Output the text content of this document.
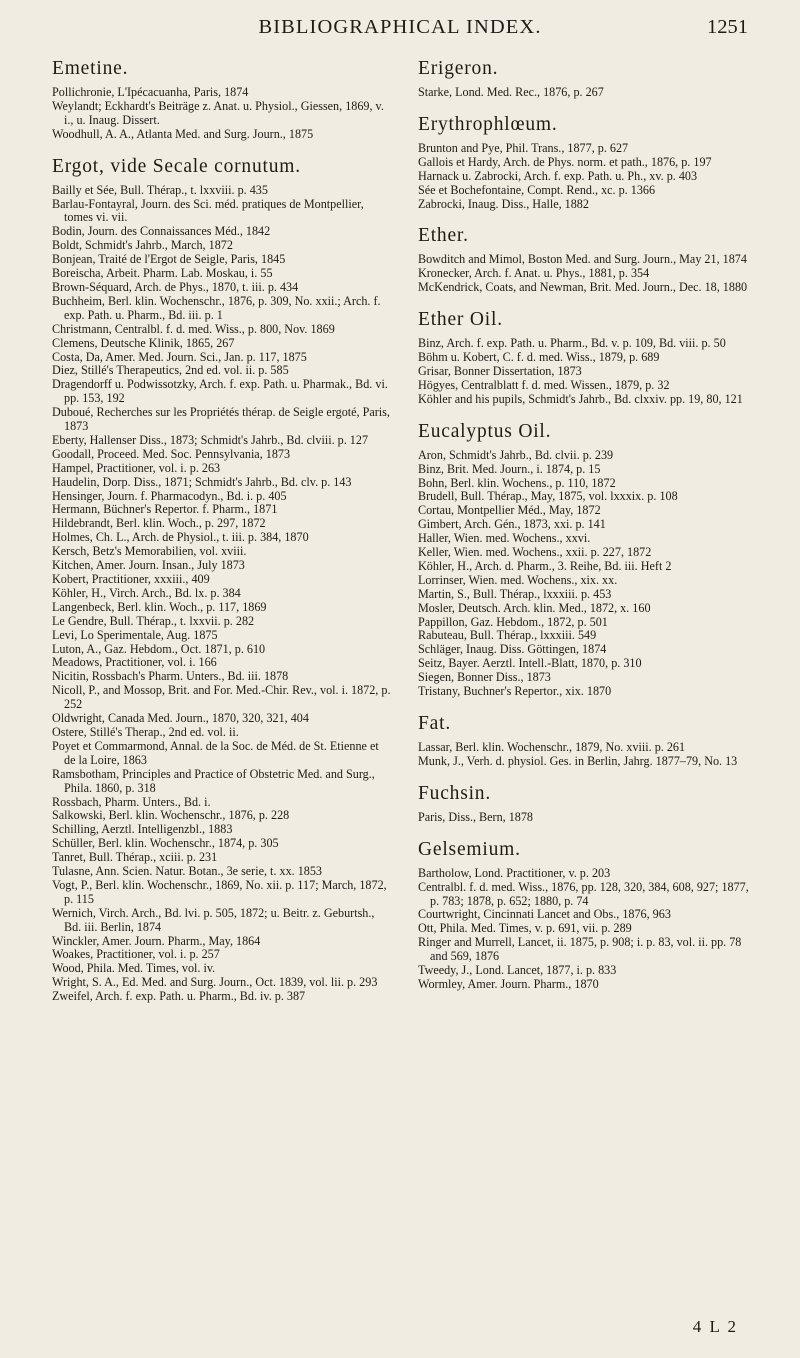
BIBLIOGRAPHICAL INDEX.	1251
Emetine.

Pollichronie, L'Ipécacuanha, Paris, 1874

Weylandt; Eckhardt's Beiträge z. Anat. u. Physiol., Giessen, 1869, v. i., u. Inaug. Dissert.

Woodhull, A. A., Atlanta Med. and Surg. Journ., 1875

Ergot, vide Secale cornutum.

Bailly et Sée, Bull. Thérap., t. lxxviii. p. 435

Barlau-Fontayral, Journ. des Sci. méd. pratiques de Montpellier, tomes vi. vii.

Bodin, Journ. des Connaissances Méd., 1842

Boldt, Schmidt's Jahrb., March, 1872

Bonjean, Traité de l'Ergot de Seigle, Paris, 1845

Boreischa, Arbeit. Pharm. Lab. Moskau, i. 55

Brown-Séquard, Arch. de Phys., 1870, t. iii. p. 434

Buchheim, Berl. klin. Wochenschr., 1876, p. 309, No. xxii.; Arch. f. exp. Path. u. Pharm., Bd. iii. p. 1

Christmann, Centralbl. f. d. med. Wiss., p. 800, Nov. 1869

Clemens, Deutsche Klinik, 1865, 267

Costa, Da, Amer. Med. Journ. Sci., Jan. p. 117, 1875

Diez, Stillé's Therapeutics, 2nd ed. vol. ii. p. 585

Dragendorff u. Podwissotzky, Arch. f. exp. Path. u. Pharmak., Bd. vi. pp. 153, 192

Duboué, Recherches sur les Propriétés thérap. de Seigle ergoté, Paris, 1873

Eberty, Hallenser Diss., 1873; Schmidt's Jahrb., Bd. clviii. p. 127

Goodall, Proceed. Med. Soc. Pennsylvania, 1873

Hampel, Practitioner, vol. i. p. 263

Haudelin, Dorp. Diss., 1871; Schmidt's Jahrb., Bd. clv. p. 143

Hensinger, Journ. f. Pharmacodyn., Bd. i. p. 405

Hermann, Büchner's Repertor. f. Pharm., 1871

Hildebrandt, Berl. klin. Woch., p. 297, 1872

Holmes, Ch. L., Arch. de Physiol., t. iii. p. 384, 1870

Kersch, Betz's Memorabilien, vol. xviii.

Kitchen, Amer. Journ. Insan., July 1873

Kobert, Practitioner, xxxiii., 409

Köhler, H., Virch. Arch., Bd. lx. p. 384

Langenbeck, Berl. klin. Woch., p. 117, 1869

Le Gendre, Bull. Thérap., t. lxxvii. p. 282

Levi, Lo Sperimentale, Aug. 1875

Luton, A., Gaz. Hebdom., Oct. 1871, p. 610

Meadows, Practitioner, vol. i. 166

Nicitin, Rossbach's Pharm. Unters., Bd. iii. 1878

Nicoll, P., and Mossop, Brit. and For. Med.-Chir. Rev., vol. i. 1872, p. 252

Oldwright, Canada Med. Journ., 1870, 320, 321, 404

Ostere, Stillé's Therap., 2nd ed. vol. ii.

Poyet et Commarmond, Annal. de la Soc. de Méd. de St. Etienne et de la Loire, 1863

Ramsbotham, Principles and Practice of Obstetric Med. and Surg., Phila. 1860, p. 318

Rossbach, Pharm. Unters., Bd. i.

Salkowski, Berl. klin. Wochenschr., 1876, p. 228

Schilling, Aerztl. Intelligenzbl., 1883

Schüller, Berl. klin. Wochenschr., 1874, p. 305

Tanret, Bull. Thérap., xciii. p. 231

Tulasne, Ann. Scien. Natur. Botan., 3e serie, t. xx. 1853

Vogt, P., Berl. klin. Wochenschr., 1869, No. xii. p. 117; March, 1872, p. 115

Wernich, Virch. Arch., Bd. lvi. p. 505, 1872; u. Beitr. z. Geburtsh., Bd. iii. Berlin, 1874

Winckler, Amer. Journ. Pharm., May, 1864

Woakes, Practitioner, vol. i. p. 257

Wood, Phila. Med. Times, vol. iv.

Wright, S. A., Ed. Med. and Surg. Journ., Oct. 1839, vol. lii. p. 293

Zweifel, Arch. f. exp. Path. u. Pharm., Bd. iv. p. 387

Erigeron.

Starke, Lond. Med. Rec., 1876, p. 267

Erythrophlœum.

Brunton and Pye, Phil. Trans., 1877, p. 627

Gallois et Hardy, Arch. de Phys. norm. et path., 1876, p. 197

Harnack u. Zabrocki, Arch. f. exp. Path. u. Ph., xv. p. 403

Sée et Bochefontaine, Compt. Rend., xc. p. 1366

Zabrocki, Inaug. Diss., Halle, 1882

Ether.

Bowditch and Mimol, Boston Med. and Surg. Journ., May 21, 1874

Kronecker, Arch. f. Anat. u. Phys., 1881, p. 354

McKendrick, Coats, and Newman, Brit. Med. Journ., Dec. 18, 1880

Ether Oil.

Binz, Arch. f. exp. Path. u. Pharm., Bd. v. p. 109, Bd. viii. p. 50

Böhm u. Kobert, C. f. d. med. Wiss., 1879, p. 689

Grisar, Bonner Dissertation, 1873

Högyes, Centralblatt f. d. med. Wissen., 1879, p. 32

Köhler and his pupils, Schmidt's Jahrb., Bd. clxxiv. pp. 19, 80, 121

Eucalyptus Oil.

Aron, Schmidt's Jahrb., Bd. clvii. p. 239

Binz, Brit. Med. Journ., i. 1874, p. 15

Bohn, Berl. klin. Wochens., p. 110, 1872

Brudell, Bull. Thérap., May, 1875, vol. lxxxix. p. 108

Cortau, Montpellier Méd., May, 1872

Gimbert, Arch. Gén., 1873, xxi. p. 141

Haller, Wien. med. Wochens., xxvi.

Keller, Wien. med. Wochens., xxii. p. 227, 1872

Köhler, H., Arch. d. Pharm., 3. Reihe, Bd. iii. Heft 2

Lorrinser, Wien. med. Wochens., xix. xx.

Martin, S., Bull. Thérap., lxxxiii. p. 453

Mosler, Deutsch. Arch. klin. Med., 1872, x. 160

Pappillon, Gaz. Hebdom., 1872, p. 501

Rabuteau, Bull. Thérap., lxxxiii. 549

Schläger, Inaug. Diss. Göttingen, 1874

Seitz, Bayer. Aerztl. Intell.-Blatt, 1870, p. 310

Siegen, Bonner Diss., 1873

Tristany, Buchner's Repertor., xix. 1870

Fat.

Lassar, Berl. klin. Wochenschr., 1879, No. xviii. p. 261

Munk, J., Verh. d. physiol. Ges. in Berlin, Jahrg. 1877–79, No. 13

Fuchsin.

Paris, Diss., Bern, 1878

Gelsemium.

Bartholow, Lond. Practitioner, v. p. 203

Centralbl. f. d. med. Wiss., 1876, pp. 128, 320, 384, 608, 927; 1877, p. 783; 1878, p. 652; 1880, p. 74

Courtwright, Cincinnati Lancet and Obs., 1876, 963

Ott, Phila. Med. Times, v. p. 691, vii. p. 289

Ringer and Murrell, Lancet, ii. 1875, p. 908; i. p. 83, vol. ii. pp. 78 and 569, 1876

Tweedy, J., Lond. Lancet, 1877, i. p. 833

Wormley, Amer. Journ. Pharm., 1870

4 L 2
